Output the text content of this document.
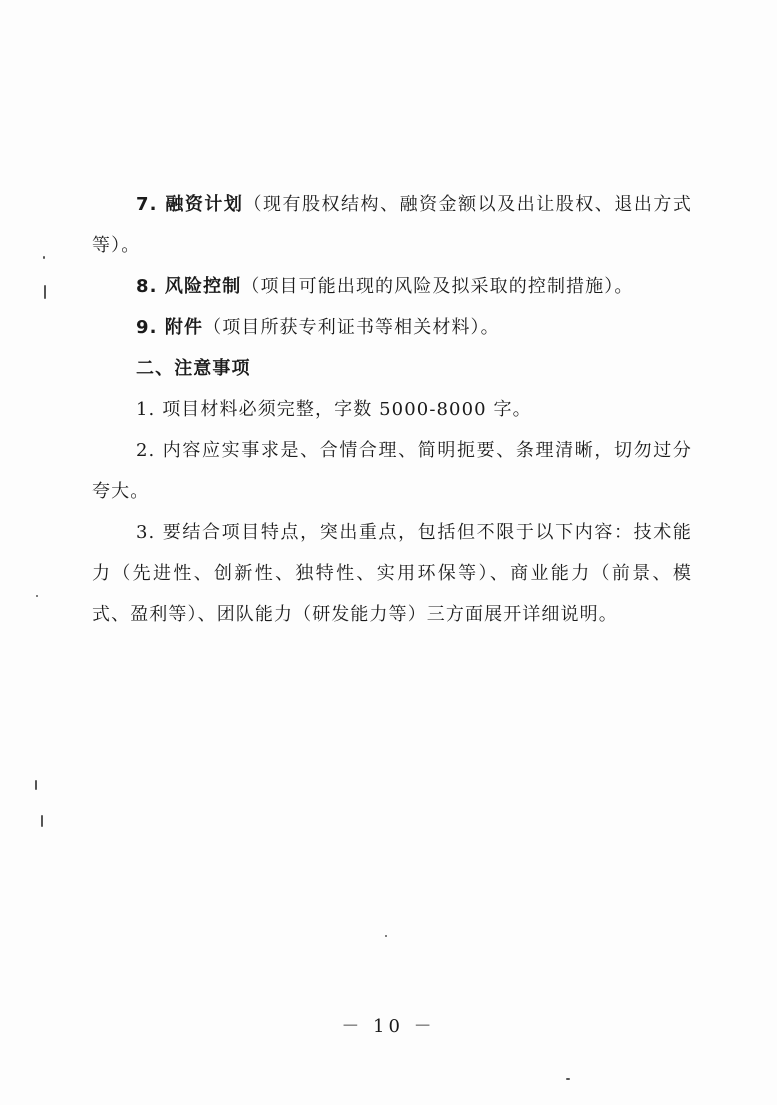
7. 融资计划（现有股权结构、融资金额以及出让股权、退出方式等）。

8. 风险控制（项目可能出现的风险及拟采取的控制措施）。

9. 附件（项目所获专利证书等相关材料）。

二、注意事项

1. 项目材料必须完整，字数 5000-8000 字。

2. 内容应实事求是、合情合理、简明扼要、条理清晰，切勿过分夸大。

3. 要结合项目特点，突出重点，包括但不限于以下内容：技术能力（先进性、创新性、独特性、实用环保等）、商业能力（前景、模式、盈利等）、团队能力（研发能力等）三方面展开详细说明。

－ 10 －
